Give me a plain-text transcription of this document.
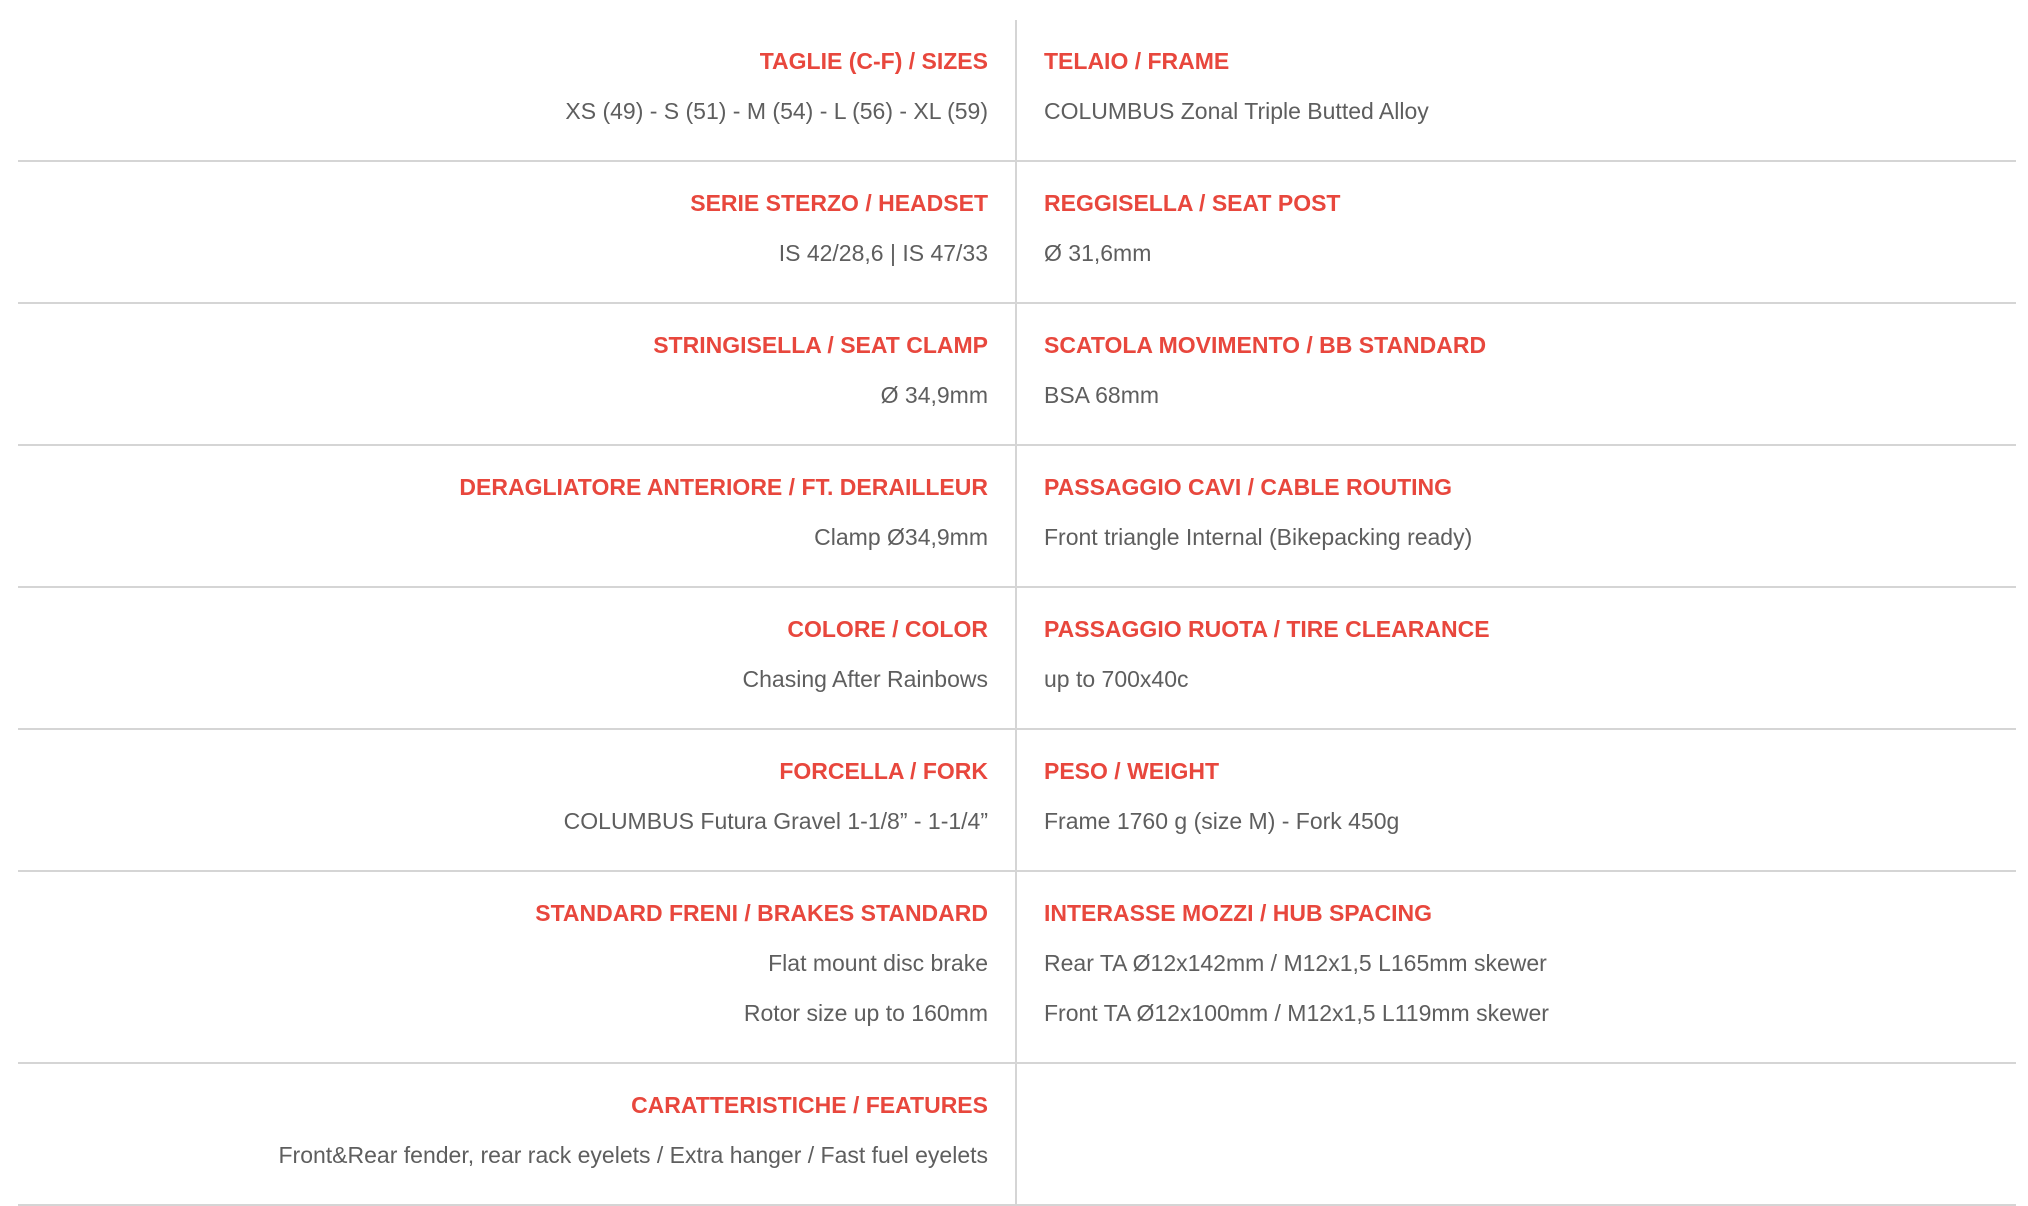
TAGLIE (C-F) / SIZES
XS (49) - S (51) - M (54) - L (56) - XL (59)
TELAIO / FRAME
COLUMBUS Zonal Triple Butted Alloy
SERIE STERZO / HEADSET
IS 42/28,6 | IS 47/33
REGGISELLA / SEAT POST
Ø 31,6mm
STRINGISELLA / SEAT CLAMP
Ø 34,9mm
SCATOLA MOVIMENTO / BB STANDARD
BSA 68mm
DERAGLIATORE ANTERIORE / FT. DERAILLEUR
Clamp Ø34,9mm
PASSAGGIO CAVI / CABLE ROUTING
Front triangle Internal (Bikepacking ready)
COLORE / COLOR
Chasing After Rainbows
PASSAGGIO RUOTA / TIRE CLEARANCE
up to 700x40c
FORCELLA / FORK
COLUMBUS Futura Gravel 1-1/8” - 1-1/4”
PESO / WEIGHT
Frame 1760 g (size M) - Fork 450g
STANDARD FRENI / BRAKES STANDARD
Flat mount disc brake
Rotor size up to 160mm
INTERASSE MOZZI / HUB SPACING
Rear TA Ø12x142mm / M12x1,5 L165mm skewer
Front TA Ø12x100mm / M12x1,5 L119mm skewer
CARATTERISTICHE / FEATURES
Front&Rear fender, rear rack eyelets / Extra hanger / Fast fuel eyelets
